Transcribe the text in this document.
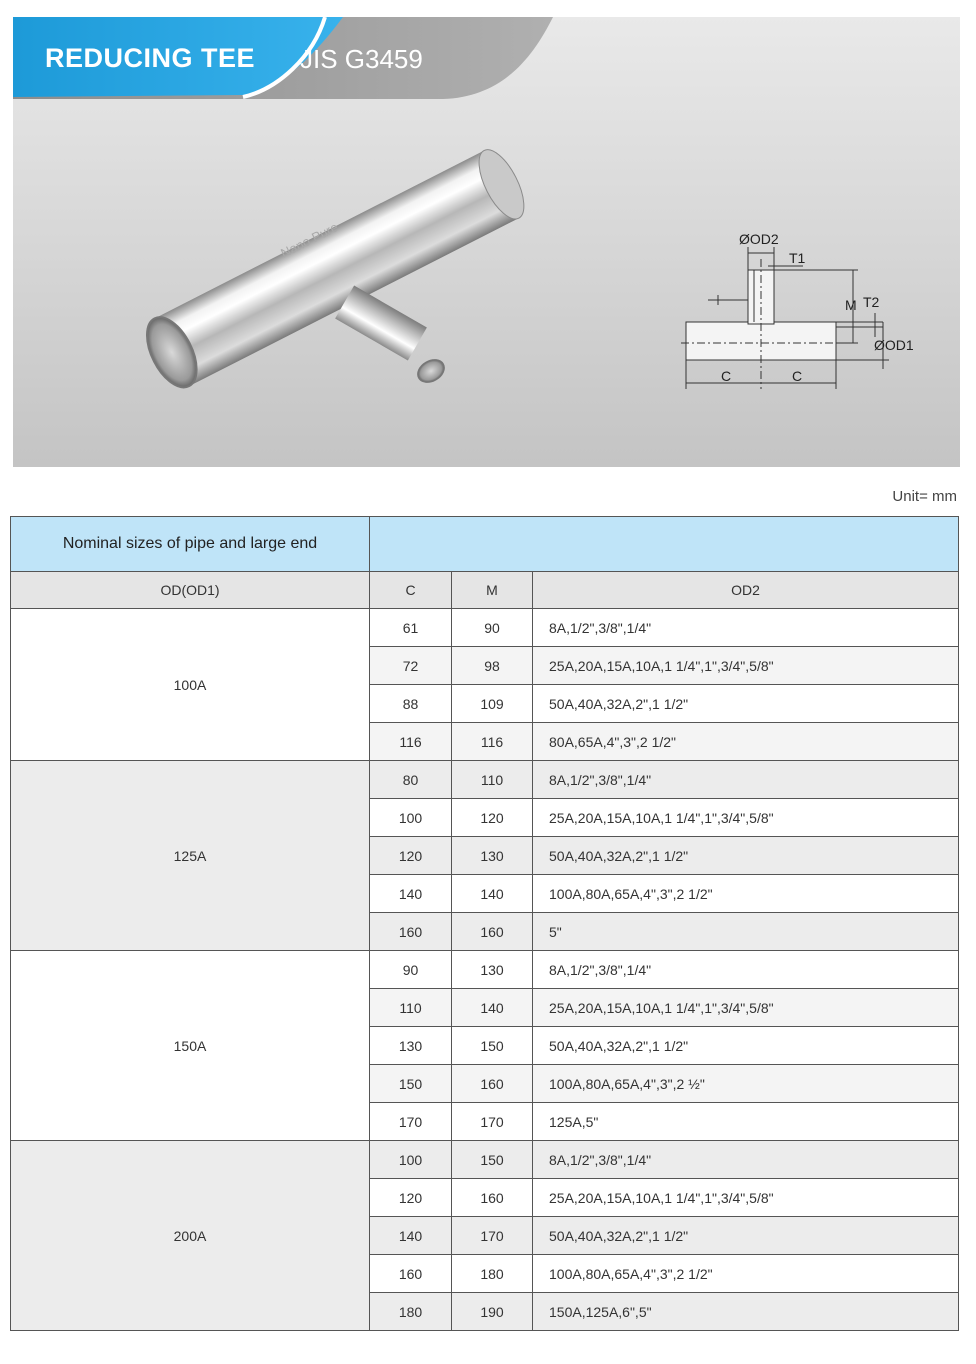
Nano Pure	ØOD2
T1
M T2
ØOD1
C	C
REDUCING TEE JIS G3459
Unit= mm
Nominal sizes of pipe and large end			
OD(OD1)	C	M	OD2
100A	61	90	8A,1/2",3/8",1/4"
	72	98	25A,20A,15A,10A,1 1/4",1",3/4",5/8"
	88	109	50A,40A,32A,2",1 1/2"
	116	116	80A,65A,4",3",2 1/2"
125A	80	110	8A,1/2",3/8",1/4"
	100	120	25A,20A,15A,10A,1 1/4",1",3/4",5/8"
	120	130	50A,40A,32A,2",1 1/2"
	140	140	100A,80A,65A,4",3",2 1/2"
	160	160	5"
150A	90	130	8A,1/2",3/8",1/4"
	110	140	25A,20A,15A,10A,1 1/4",1",3/4",5/8"
	130	150	50A,40A,32A,2",1 1/2"
	150	160	100A,80A,65A,4",3",2 ½"
	170	170	125A,5"
200A	100	150	8A,1/2",3/8",1/4"
	120	160	25A,20A,15A,10A,1 1/4",1",3/4",5/8"
	140	170	50A,40A,32A,2",1 1/2"
	160	180	100A,80A,65A,4",3",2 1/2"
	180	190	150A,125A,6",5"
